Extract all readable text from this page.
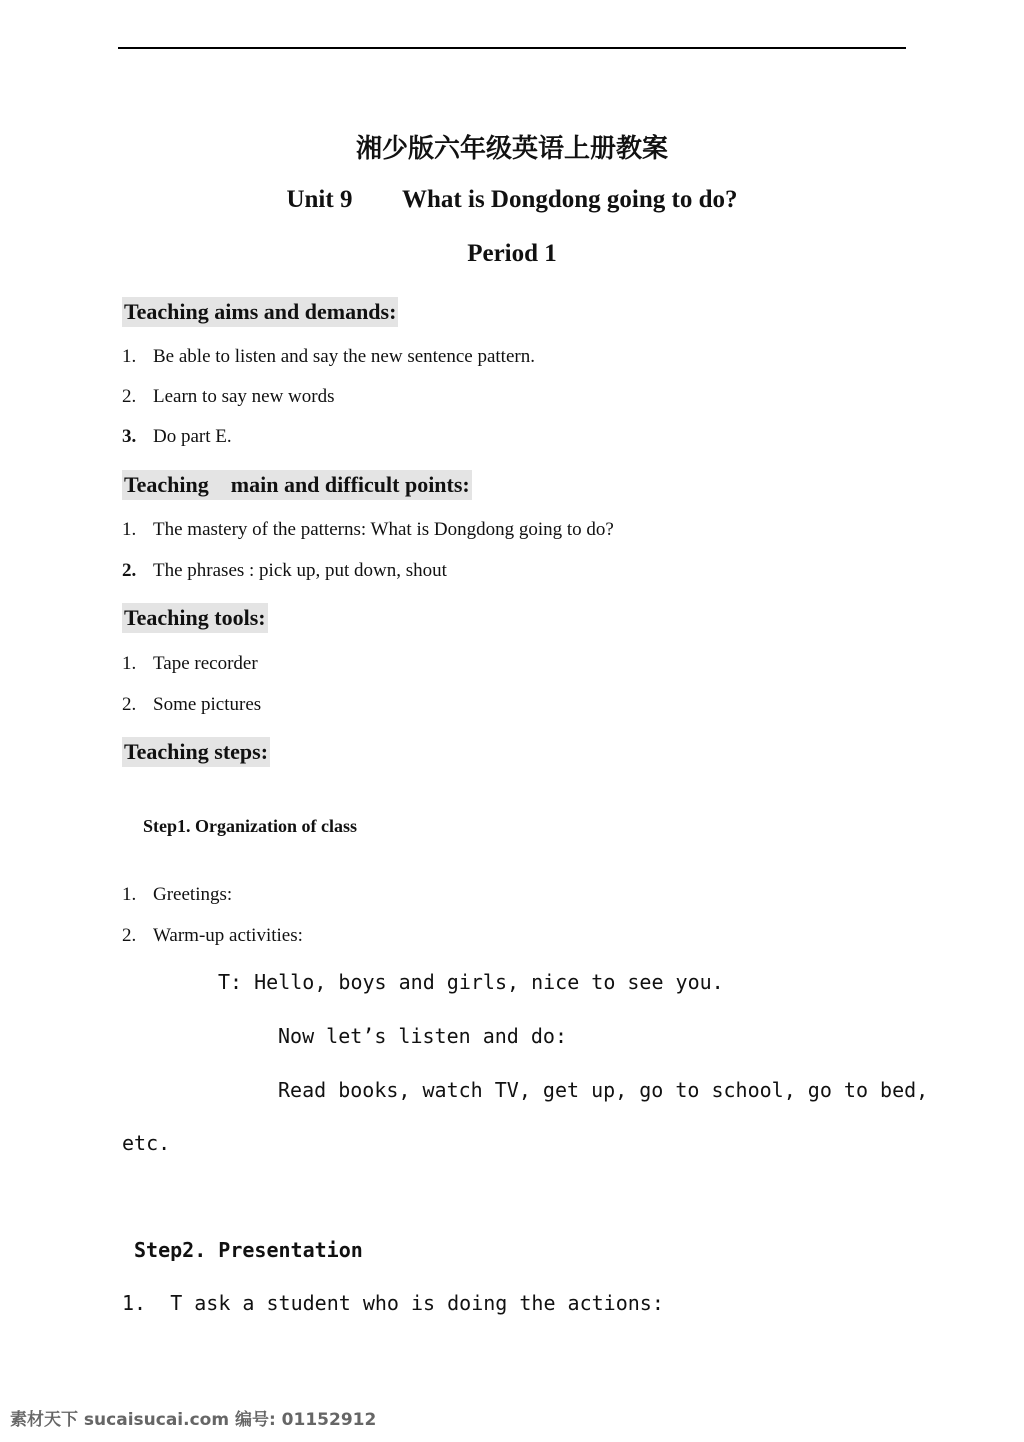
湘少版六年级英语上册教案
Unit 9 What is Dongdong going to do?
Period 1
Teaching aims and demands:
1. Be able to listen and say the new sentence pattern.
2. Learn to say new words
3. Do part E.
Teaching    main and difficult points:
1. The mastery of the patterns: What is Dongdong going to do?
2. The phrases : pick up, put down, shout
Teaching tools:
1. Tape recorder
2. Some pictures
Teaching steps:
Step1. Organization of class
1. Greetings:
2. Warm-up activities:
T: Hello, boys and girls, nice to see you.
Now let’s listen and do:
Read books, watch TV, get up, go to school, go to bed,
etc.
Step2. Presentation
1. T ask a student who is doing the actions:
素材天下 sucaisucai.com 编号: 01152912
